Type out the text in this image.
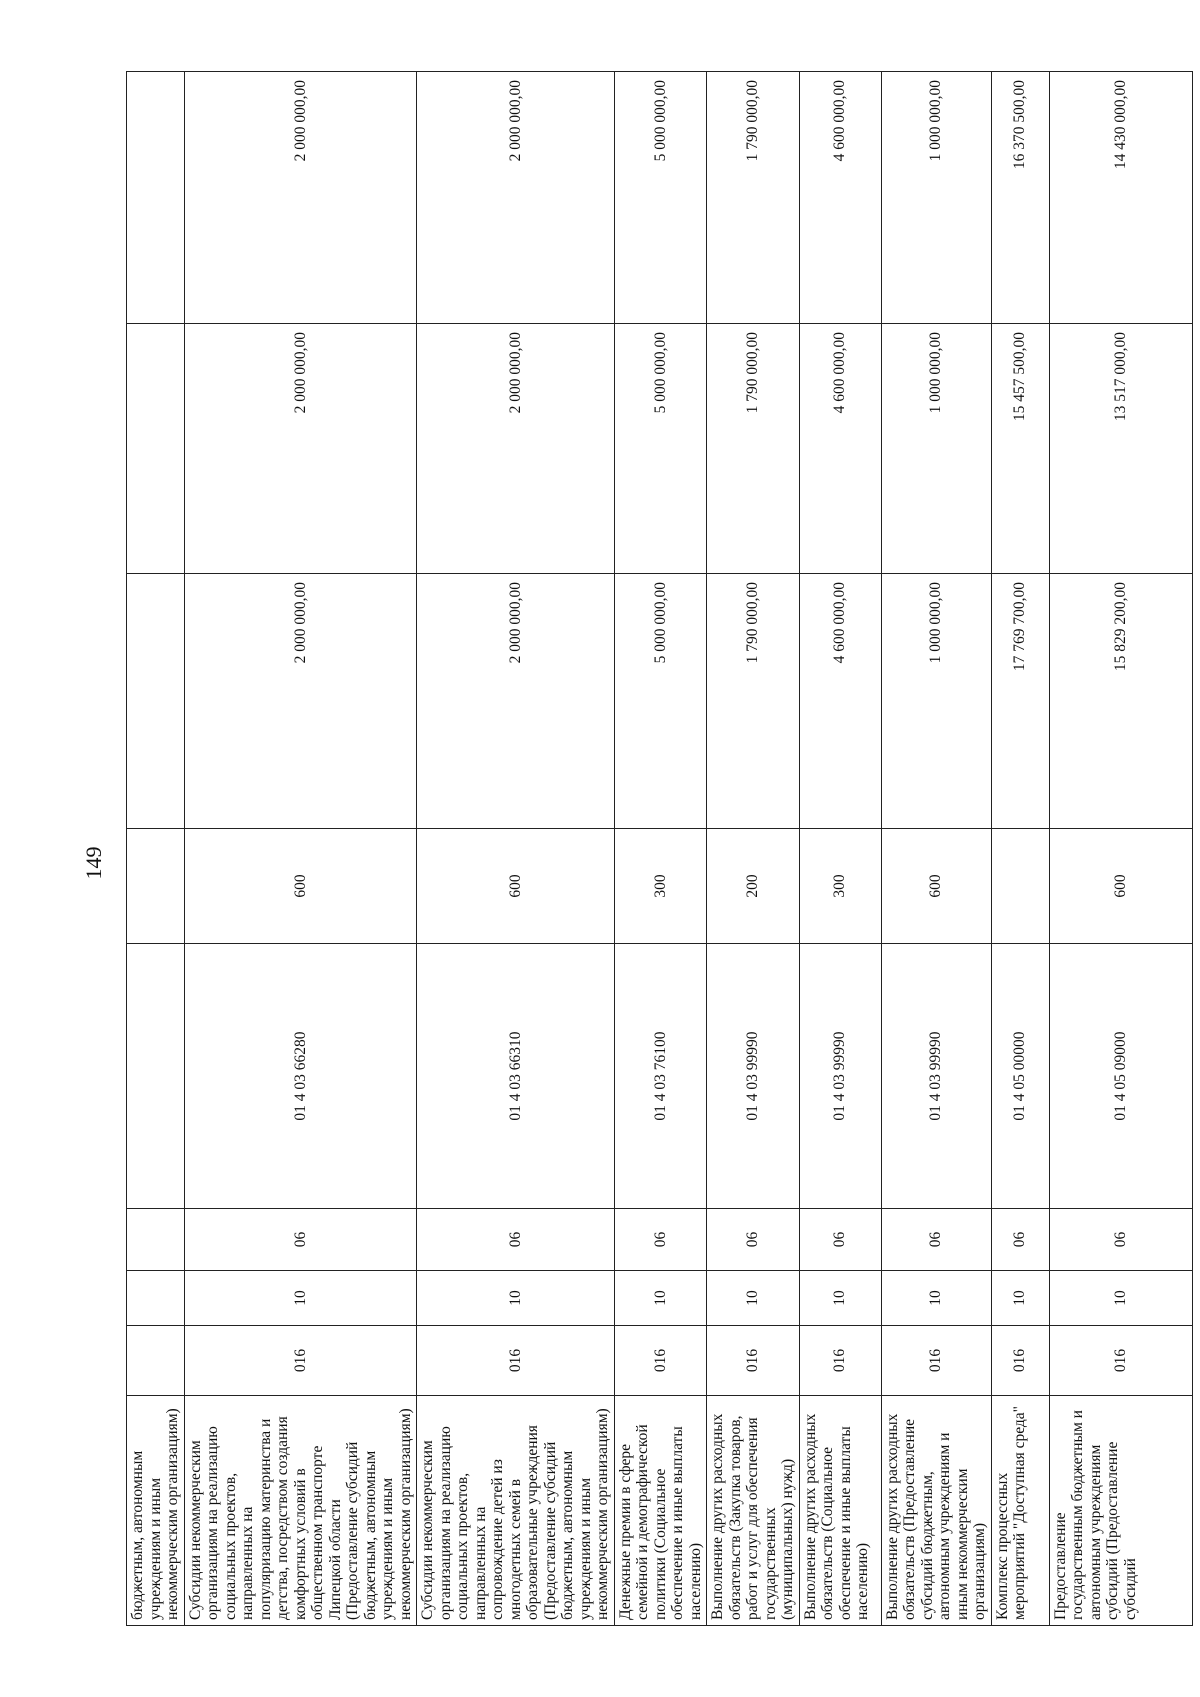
149
бюджетным, автономным учреждениям и иным некоммерческим организациям)								
Субсидии некоммерческим организациям на реализацию социальных проектов, направленных на популяризацию материнства и детства, посредством создания комфортных условий в общественном транспорте Липецкой области (Предоставление субсидий бюджетным, автономным учреждениям и иным некоммерческим организациям)	016	10	06	01 4 03 66280	600	2 000 000,00	2 000 000,00	2 000 000,00
Субсидии некоммерческим организациям на реализацию социальных проектов, направленных на сопровождение детей из многодетных семей в образовательные учреждения (Предоставление субсидий бюджетным, автономным учреждениям и иным некоммерческим организациям)	016	10	06	01 4 03 66310	600	2 000 000,00	2 000 000,00	2 000 000,00
Денежные премии в сфере семейной и демографической политики (Социальное обеспечение и иные выплаты населению)	016	10	06	01 4 03 76100	300	5 000 000,00	5 000 000,00	5 000 000,00
Выполнение других расходных обязательств (Закупка товаров, работ и услуг для обеспечения государственных (муниципальных) нужд)	016	10	06	01 4 03 99990	200	1 790 000,00	1 790 000,00	1 790 000,00
Выполнение других расходных обязательств (Социальное обеспечение и иные выплаты населению)	016	10	06	01 4 03 99990	300	4 600 000,00	4 600 000,00	4 600 000,00
Выполнение других расходных обязательств (Предоставление субсидий бюджетным, автономным учреждениям и иным некоммерческим организациям)	016	10	06	01 4 03 99990	600	1 000 000,00	1 000 000,00	1 000 000,00
Комплекс процессных мероприятий "Доступная среда"	016	10	06	01 4 05 00000		17 769 700,00	15 457 500,00	16 370 500,00
Предоставление государственным бюджетным и автономным учреждениям субсидий (Предоставление субсидий	016	10	06	01 4 05 09000	600	15 829 200,00	13 517 000,00	14 430 000,00
